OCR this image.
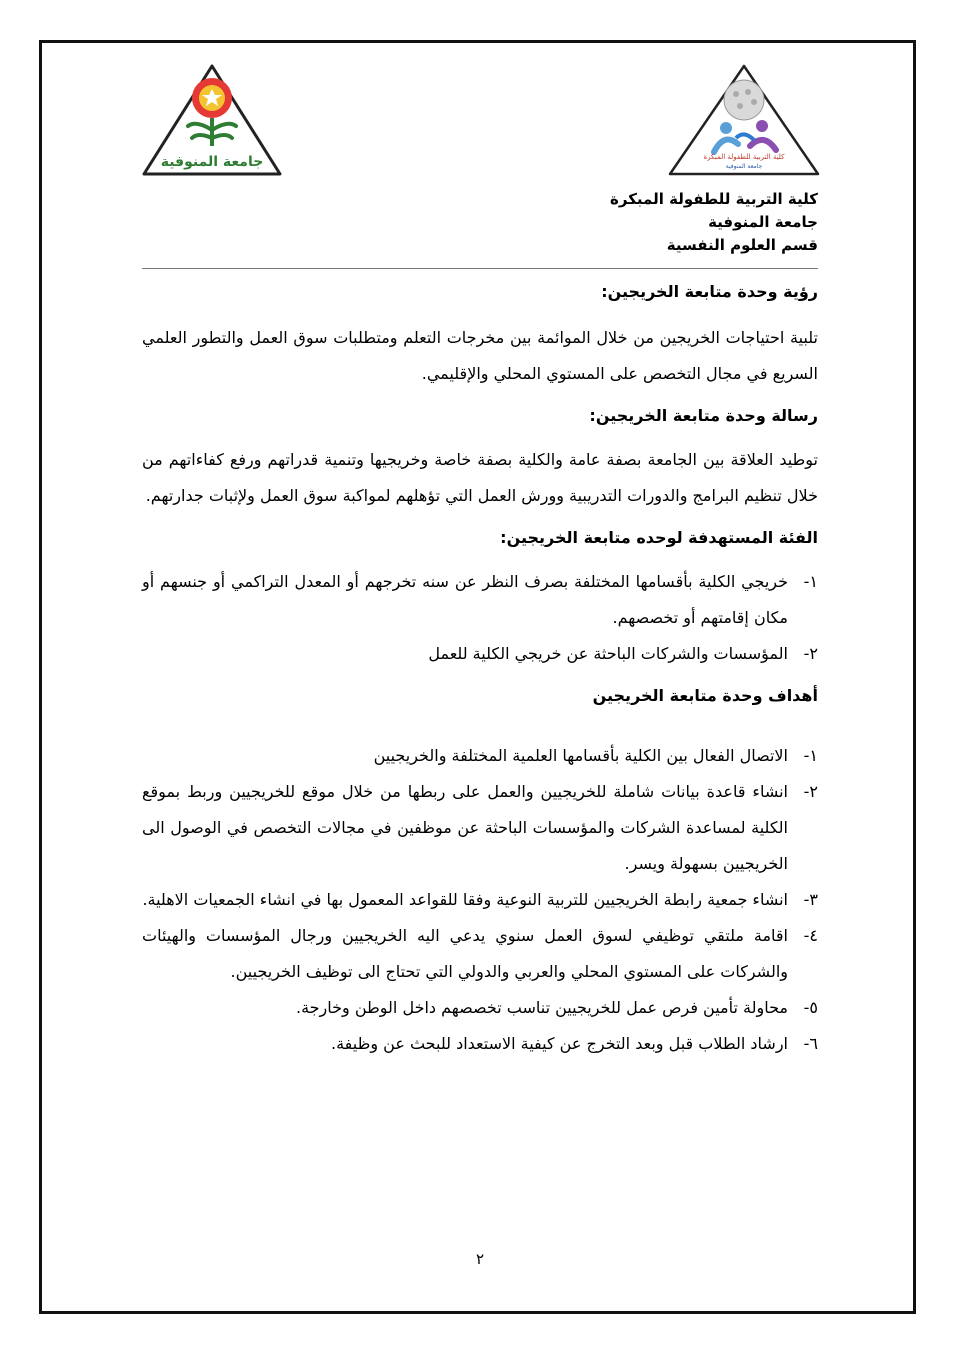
كلية التربية للطفولة المبكرة
جامعة المنوفية
جامعة المنوفية
كلية التربية للطفولة المبكرة
جامعة المنوفية
قسم العلوم النفسية

رؤية وحدة متابعة الخريجين:

تلبية احتياجات الخريجين من خلال الموائمة بين مخرجات التعلم ومتطلبات سوق العمل والتطور العلمي السريع في مجال التخصص على المستوي المحلي والإقليمي.

رسالة وحدة متابعة الخريجين:

توطيد العلاقة بين الجامعة بصفة عامة والكلية بصفة خاصة وخريجيها وتنمية قدراتهم ورفع كفاءاتهم من خلال تنظيم البرامج والدورات التدريبية وورش العمل التي تؤهلهم لمواكبة سوق العمل ولإثبات جدارتهم.

الفئة المستهدفة لوحده متابعة الخريجين:

١-
خريجي الكلية بأقسامها المختلفة بصرف النظر عن سنه تخرجهم أو المعدل التراكمي أو جنسهم أو مكان إقامتهم أو تخصصهم.
٢-
المؤسسات والشركات الباحثة عن خريجي الكلية للعمل

أهداف وحدة متابعة الخريجين

١-
الاتصال الفعال بين الكلية بأقسامها العلمية المختلفة والخريجيين
٢-
انشاء قاعدة بيانات شاملة للخريجيين والعمل على ربطها من خلال موقع للخريجيين وربط بموقع الكلية لمساعدة الشركات والمؤسسات الباحثة عن موظفين في مجالات التخصص في الوصول الى الخريجيين بسهولة ويسر.
٣-
انشاء جمعية رابطة الخريجيين للتربية النوعية وفقا للقواعد المعمول بها في انشاء الجمعيات الاهلية.
٤-
اقامة ملتقي توظيفي لسوق العمل سنوي يدعي اليه الخريجيين ورجال المؤسسات والهيئات والشركات على المستوي المحلي والعربي والدولي التي تحتاج الى توظيف الخريجيين.
٥-
محاولة تأمين فرص عمل للخريجيين تناسب تخصصهم داخل الوطن وخارجة.
٦-
ارشاد الطلاب قبل وبعد التخرج عن كيفية الاستعداد للبحث عن وظيفة.
٢
